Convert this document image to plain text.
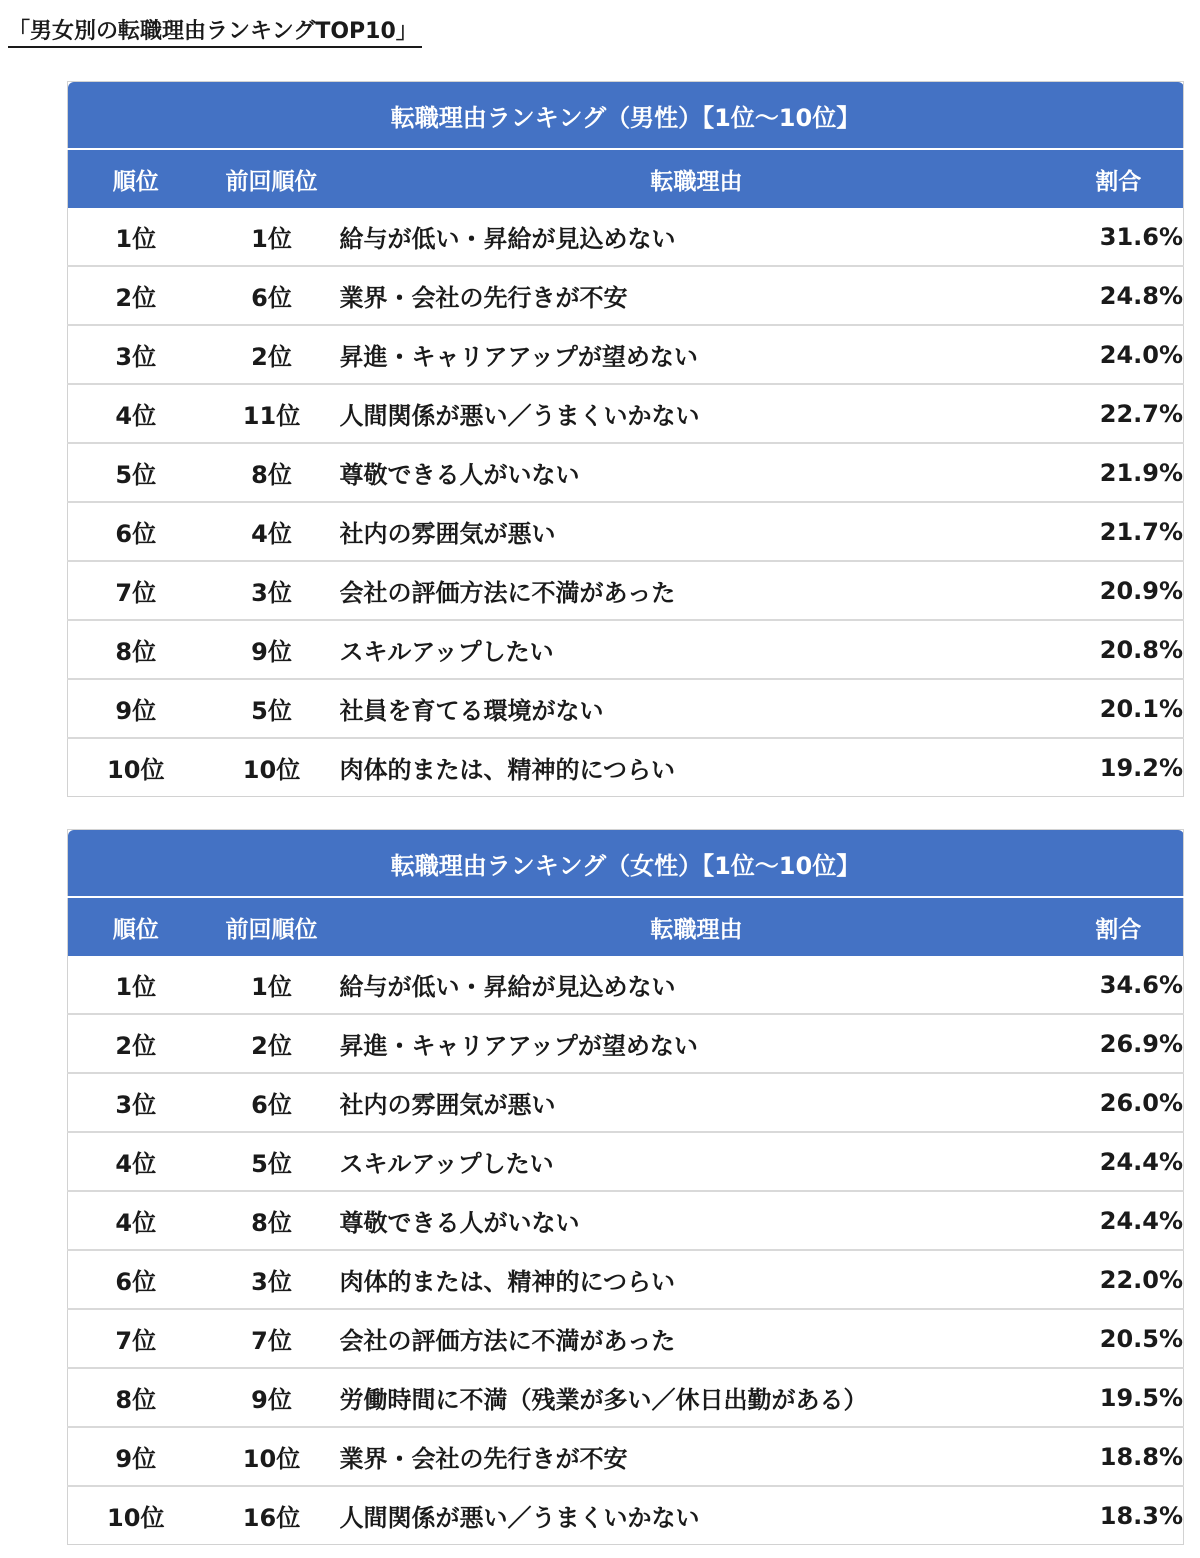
「男女別の転職理由ランキングTOP10」
転職理由ランキング（男性）【1位～10位】			
順位	前回順位	転職理由	割合
1位	1位	給与が低い・昇給が見込めない	31.6%
2位	6位	業界・会社の先行きが不安	24.8%
3位	2位	昇進・キャリアアップが望めない	24.0%
4位	11位	人間関係が悪い／うまくいかない	22.7%
5位	8位	尊敬できる人がいない	21.9%
6位	4位	社内の雰囲気が悪い	21.7%
7位	3位	会社の評価方法に不満があった	20.9%
8位	9位	スキルアップしたい	20.8%
9位	5位	社員を育てる環境がない	20.1%
10位	10位	肉体的または、精神的につらい	19.2%
転職理由ランキング（女性）【1位～10位】			
順位	前回順位	転職理由	割合
1位	1位	給与が低い・昇給が見込めない	34.6%
2位	2位	昇進・キャリアアップが望めない	26.9%
3位	6位	社内の雰囲気が悪い	26.0%
4位	5位	スキルアップしたい	24.4%
4位	8位	尊敬できる人がいない	24.4%
6位	3位	肉体的または、精神的につらい	22.0%
7位	7位	会社の評価方法に不満があった	20.5%
8位	9位	労働時間に不満（残業が多い／休日出勤がある）	19.5%
9位	10位	業界・会社の先行きが不安	18.8%
10位	16位	人間関係が悪い／うまくいかない	18.3%
